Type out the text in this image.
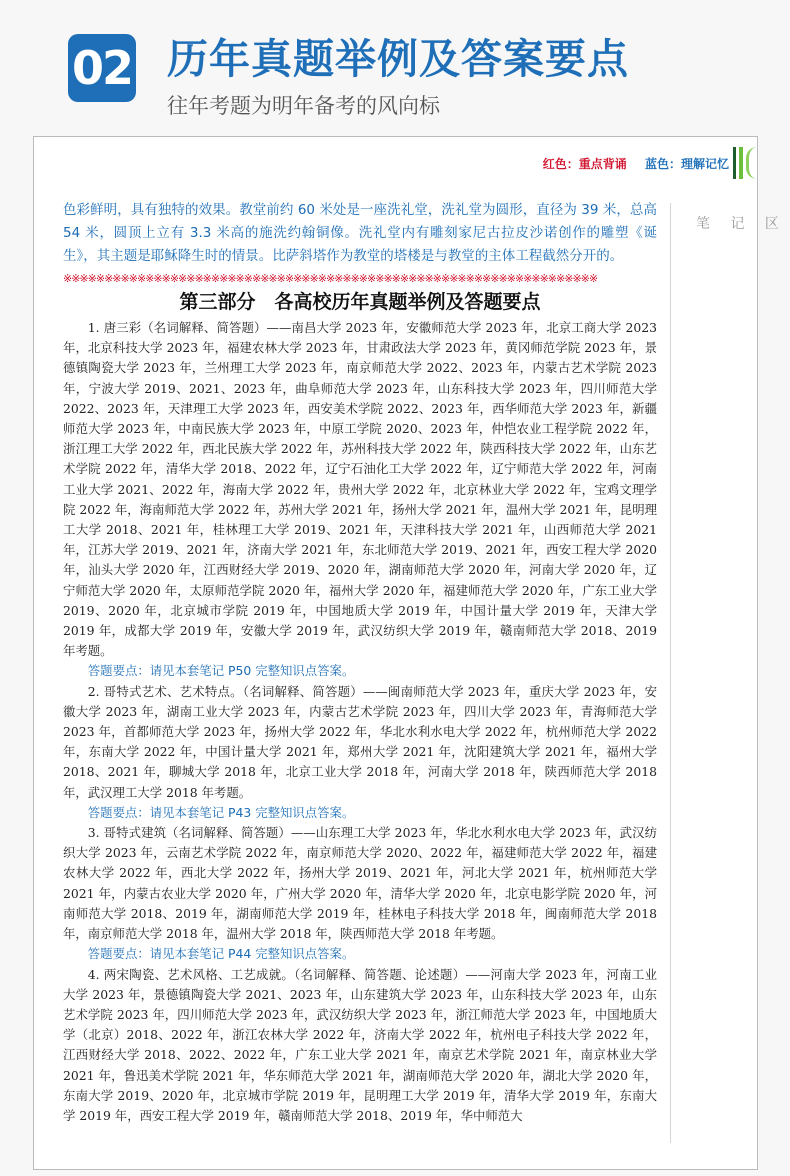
02 历年真题举例及答案要点
往年考题为明年备考的风向标
红色：重点背诵 蓝色：理解记忆
笔 记 区

色彩鲜明，具有独特的效果。教堂前约 60 米处是一座洗礼堂，洗礼堂为圆形，直径为 39 米，总高 54 米，圆顶上立有 3.3 米高的施洗约翰铜像。洗礼堂内有雕刻家尼古拉皮沙诺创作的雕塑《诞生》，其主题是耶稣降生时的情景。比萨斜塔作为教堂的塔楼是与教堂的主体工程截然分开的。

※※※※※※※※※※※※※※※※※※※※※※※※※※※※※※※※※※※※※※※※※※※※※※※※※※※※※※※※※※※※※※※※※
第三部分　各高校历年真题举例及答题要点

1. 唐三彩（名词解释、简答题）——南昌大学 2023 年，安徽师范大学 2023 年，北京工商大学 2023 年，北京科技大学 2023 年，福建农林大学 2023 年，甘肃政法大学 2023 年，黄冈师范学院 2023 年，景德镇陶瓷大学 2023 年，兰州理工大学 2023 年，南京师范大学 2022、2023 年，内蒙古艺术学院 2023 年，宁波大学 2019、2021、2023 年，曲阜师范大学 2023 年，山东科技大学 2023 年，四川师范大学 2022、2023 年，天津理工大学 2023 年，西安美术学院 2022、2023 年，西华师范大学 2023 年，新疆师范大学 2023 年，中南民族大学 2023 年，中原工学院 2020、2023 年，仲恺农业工程学院 2022 年，浙江理工大学 2022 年，西北民族大学 2022 年，苏州科技大学 2022 年，陕西科技大学 2022 年，山东艺术学院 2022 年，清华大学 2018、2022 年，辽宁石油化工大学 2022 年，辽宁师范大学 2022 年，河南工业大学 2021、2022 年，海南大学 2022 年，贵州大学 2022 年，北京林业大学 2022 年，宝鸡文理学院 2022 年，海南师范大学 2022 年，苏州大学 2021 年，扬州大学 2021 年，温州大学 2021 年，昆明理工大学 2018、2021 年，桂林理工大学 2019、2021 年，天津科技大学 2021 年，山西师范大学 2021 年，江苏大学 2019、2021 年，济南大学 2021 年，东北师范大学 2019、2021 年，西安工程大学 2020 年，汕头大学 2020 年，江西财经大学 2019、2020 年，湖南师范大学 2020 年，河南大学 2020 年，辽宁师范大学 2020 年，太原师范学院 2020 年，福州大学 2020 年，福建师范大学 2020 年，广东工业大学 2019、2020 年，北京城市学院 2019 年，中国地质大学 2019 年，中国计量大学 2019 年，天津大学 2019 年，成都大学 2019 年，安徽大学 2019 年，武汉纺织大学 2019 年，赣南师范大学 2018、2019 年考题。

答题要点：请见本套笔记 P50 完整知识点答案。

2. 哥特式艺术、艺术特点。（名词解释、简答题）——闽南师范大学 2023 年，重庆大学 2023 年，安徽大学 2023 年，湖南工业大学 2023 年，内蒙古艺术学院 2023 年，四川大学 2023 年，青海师范大学 2023 年，首都师范大学 2023 年，扬州大学 2022 年，华北水利水电大学 2022 年，杭州师范大学 2022 年，东南大学 2022 年，中国计量大学 2021 年，郑州大学 2021 年，沈阳建筑大学 2021 年，福州大学 2018、2021 年，聊城大学 2018 年，北京工业大学 2018 年，河南大学 2018 年，陕西师范大学 2018 年，武汉理工大学 2018 年考题。

答题要点：请见本套笔记 P43 完整知识点答案。

3. 哥特式建筑（名词解释、简答题）——山东理工大学 2023 年，华北水利水电大学 2023 年，武汉纺织大学 2023 年，云南艺术学院 2022 年，南京师范大学 2020、2022 年，福建师范大学 2022 年，福建农林大学 2022 年，西北大学 2022 年，扬州大学 2019、2021 年，河北大学 2021 年，杭州师范大学 2021 年，内蒙古农业大学 2020 年，广州大学 2020 年，清华大学 2020 年，北京电影学院 2020 年，河南师范大学 2018、2019 年，湖南师范大学 2019 年，桂林电子科技大学 2018 年，闽南师范大学 2018 年，南京师范大学 2018 年，温州大学 2018 年，陕西师范大学 2018 年考题。

答题要点：请见本套笔记 P44 完整知识点答案。

4. 两宋陶瓷、艺术风格、工艺成就。（名词解释、简答题、论述题）——河南大学 2023 年，河南工业大学 2023 年，景德镇陶瓷大学 2021、2023 年，山东建筑大学 2023 年，山东科技大学 2023 年，山东艺术学院 2023 年，四川师范大学 2023 年，武汉纺织大学 2023 年，浙江师范大学 2023 年，中国地质大学（北京）2018、2022 年，浙江农林大学 2022 年，济南大学 2022 年，杭州电子科技大学 2022 年，江西财经大学 2018、2022、2022 年，广东工业大学 2021 年，南京艺术学院 2021 年，南京林业大学 2021 年，鲁迅美术学院 2021 年，华东师范大学 2021 年，湖南师范大学 2020 年，湖北大学 2020 年，东南大学 2019、2020 年，北京城市学院 2019 年，昆明理工大学 2019 年，清华大学 2019 年，东南大学 2019 年，西安工程大学 2019 年，赣南师范大学 2018、2019 年，华中师范大
